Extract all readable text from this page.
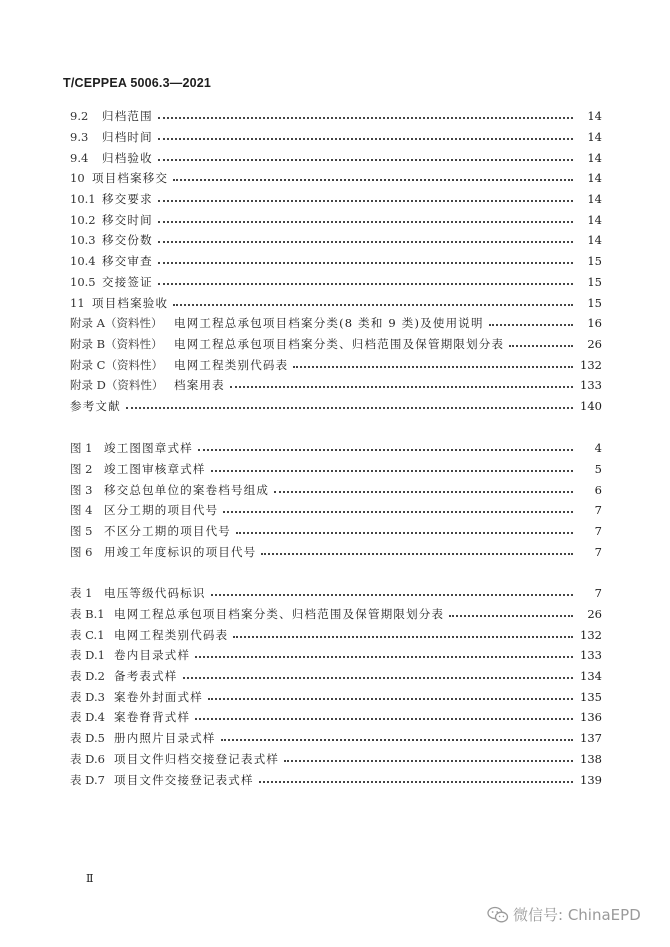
T/CEPPEA 5006.3—2021
9.2	归档范围	14
9.3	归档时间	14
9.4	归档验收	14
10 项目档案移交	14
10.1 移交要求	14
10.2 移交时间	14
10.3 移交份数	14
10.4 移交审查	15
10.5 交接签证	15
11 项目档案验收	15
附录 A（资料性）	电网工程总承包项目档案分类(8 类和 9 类)及使用说明	16
附录 B（资料性） 电网工程总承包项目档案分类、归档范围及保管期限划分表	26
附录 C（资料性） 电网工程类别代码表	132
附录 D（资料性） 档案用表	133
参考文献	140
图 1	竣工图图章式样	4
图 2	竣工图审核章式样	5
图 3	移交总包单位的案卷档号组成	6
图 4	区分工期的项目代号	7
图 5	不区分工期的项目代号	7
图 6	用竣工年度标识的项目代号	7
表 1	电压等级代码标识	7
表 B.1 电网工程总承包项目档案分类、归档范围及保管期限划分表	26
表 C.1 电网工程类别代码表	132
表 D.1 卷内目录式样	133
表 D.2 备考表式样	134
表 D.3 案卷外封面式样	135
表 D.4 案卷脊背式样	136
表 D.5 册内照片目录式样	137
表 D.6 项目文件归档交接登记表式样	138
表 D.7 项目文件交接登记表式样	139
Ⅱ
微信号: ChinaEPD
